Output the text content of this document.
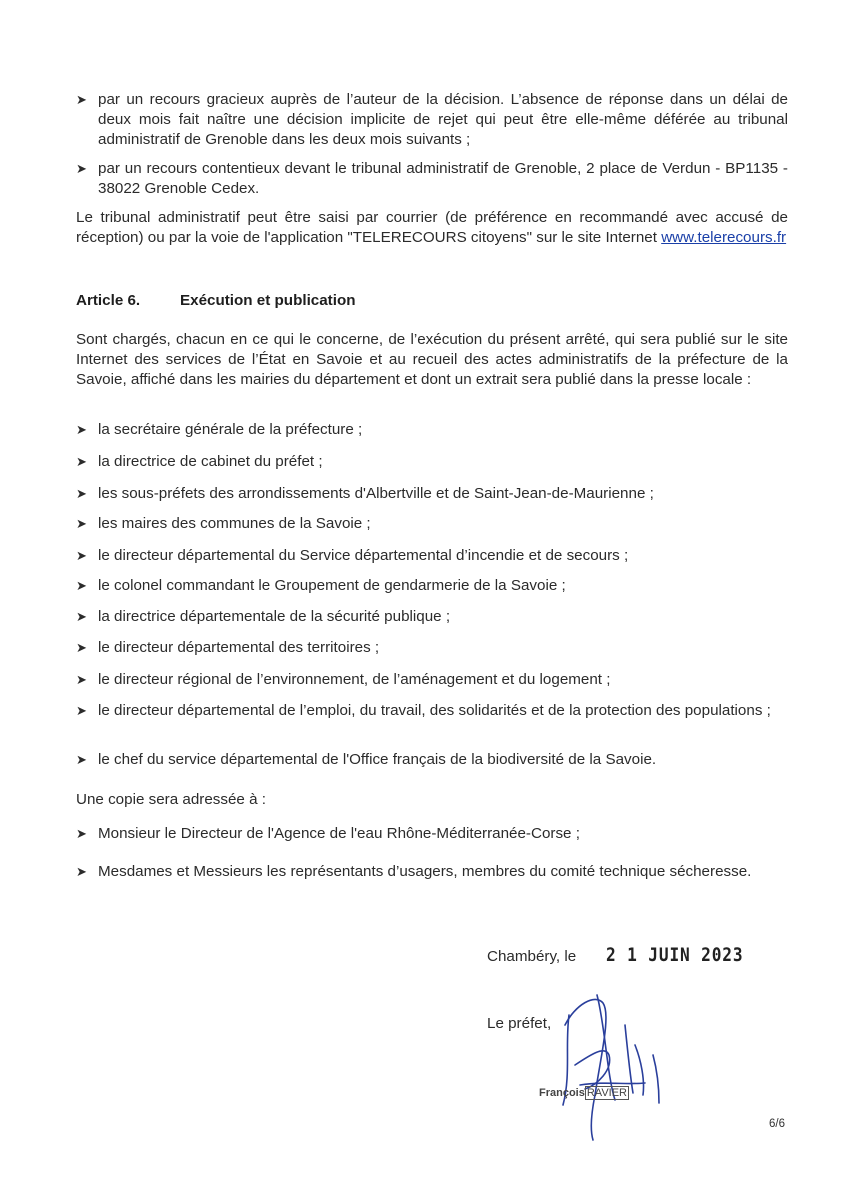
➤ par un recours gracieux auprès de l’auteur de la décision. L’absence de réponse dans un délai de deux mois fait naître une décision implicite de rejet qui peut être elle-même déférée au tribunal administratif de Grenoble dans les deux mois suivants ;
➤ par un recours contentieux devant le tribunal administratif de Grenoble, 2 place de Verdun - BP1135 - 38022 Grenoble Cedex.
Le tribunal administratif peut être saisi par courrier (de préférence en recommandé avec accusé de réception) ou par la voie de l'application "TELERECOURS citoyens" sur le site Internet www.telerecours.fr
Article 6.	Exécution et publication
Sont chargés, chacun en ce qui le concerne, de l’exécution du présent arrêté, qui sera publié sur le site Internet des services de l’État en Savoie et au recueil des actes administratifs de la préfecture de la Savoie, affiché dans les mairies du département et dont un extrait sera publié dans la presse locale :
➤ la secrétaire générale de la préfecture ;
➤ la directrice de cabinet du préfet ;
➤ les sous-préfets des arrondissements d'Albertville et de Saint-Jean-de-Maurienne ;
➤ les maires des communes de la Savoie ;
➤ le directeur départemental du Service départemental d’incendie et de secours ;
➤ le colonel commandant le Groupement de gendarmerie de la Savoie ;
➤ la directrice départementale de la sécurité publique ;
➤ le directeur départemental des territoires ;
➤ le directeur régional de l’environnement, de l’aménagement et du logement ;
➤ le directeur départemental de l’emploi, du travail, des solidarités et de la protection des populations ;
➤ le chef du service départemental de l'Office français de la biodiversité de la Savoie.
Une copie sera adressée à :
➤ Monsieur le Directeur de l'Agence de l'eau Rhône-Méditerranée-Corse ;
➤ Mesdames et Messieurs les représentants d’usagers, membres du comité technique sécheresse.
Chambéry, le 2 1 JUIN 2023
Le préfet,
François RAVIER
6/6
